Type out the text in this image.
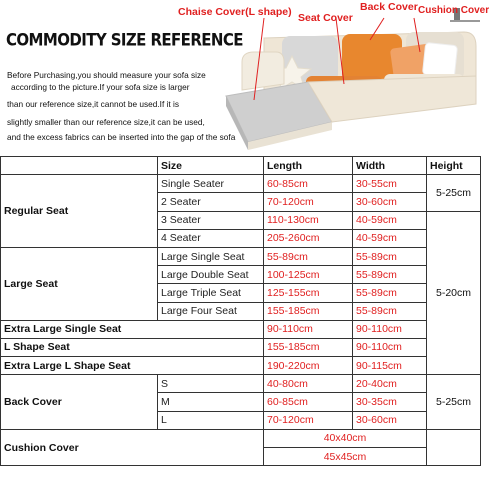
COMMODITY SIZE REFERENCE
Before Purchasing,you should measure your sofa size
according to the picture.If your sofa size is larger
than our reference size,it cannot be used.If it is
slightly smaller than our reference size,it can be used,
and the excess fabrics can be inserted into the gap of the sofa
Chaise Cover(L shape) Seat Cover
Back Cover Cushion Cover
	Size	Length	Width	Height
Regular Seat	Single Seater	60-85cm	30-55cm	5-25cm
	2 Seater	70-120cm	30-60cm	
	3 Seater	110-130cm	40-59cm	5-20cm
	4 Seater	205-260cm	40-59cm	
Large Seat	Large Single Seat	55-89cm	55-89cm	
	Large Double Seat	100-125cm	55-89cm	
	Large Triple Seat	125-155cm	55-89cm	
	Large Four Seat	155-185cm	55-89cm	
Extra Large Single Seat		90-110cm	90-110cm	
L Shape Seat		155-185cm	90-110cm	
Extra Large L Shape Seat		190-220cm	90-115cm	
Back Cover	S	40-80cm	20-40cm	5-25cm
	M	60-85cm	30-35cm	
	L	70-120cm	30-60cm	
Cushion Cover		40x40cm		
		45x45cm		
